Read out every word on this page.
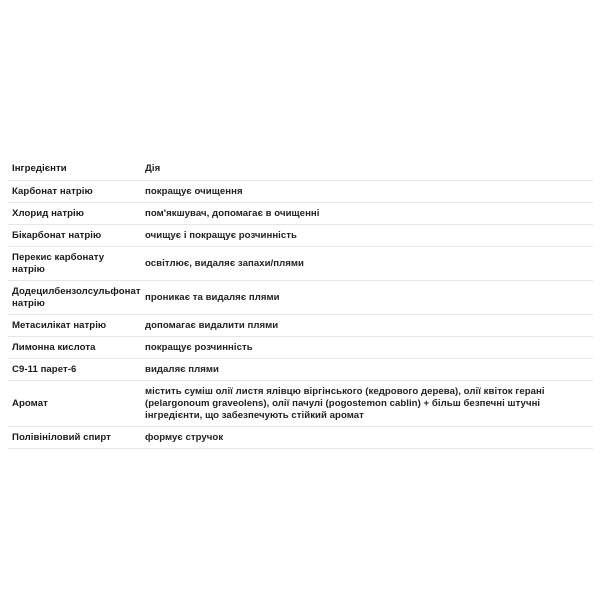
Інгредієнти	Дія
Карбонат натрію	покращує очищення
Хлорид натрію	пом'якшувач, допомагає в очищенні
Бікарбонат натрію	очищує і покращує розчинність
Перекис карбонату натрію	освітлює, видаляє запахи/плями
Додецилбензолсульфонат натрію	проникає та видаляє плями
Метасилікат натрію	допомагає видалити плями
Лимонна кислота	покращує розчинність
C9-11 парет-6	видаляє плями
Аромат	містить суміш олії листя ялівцю віргінського (кедрового дерева), олії квіток герані (pelargonoum graveolens), олії пачулі (pogostemon cablin) + більш безпечні штучні інгредієнти, що забезпечують стійкий аромат
Полівініловий спирт	формує стручок
